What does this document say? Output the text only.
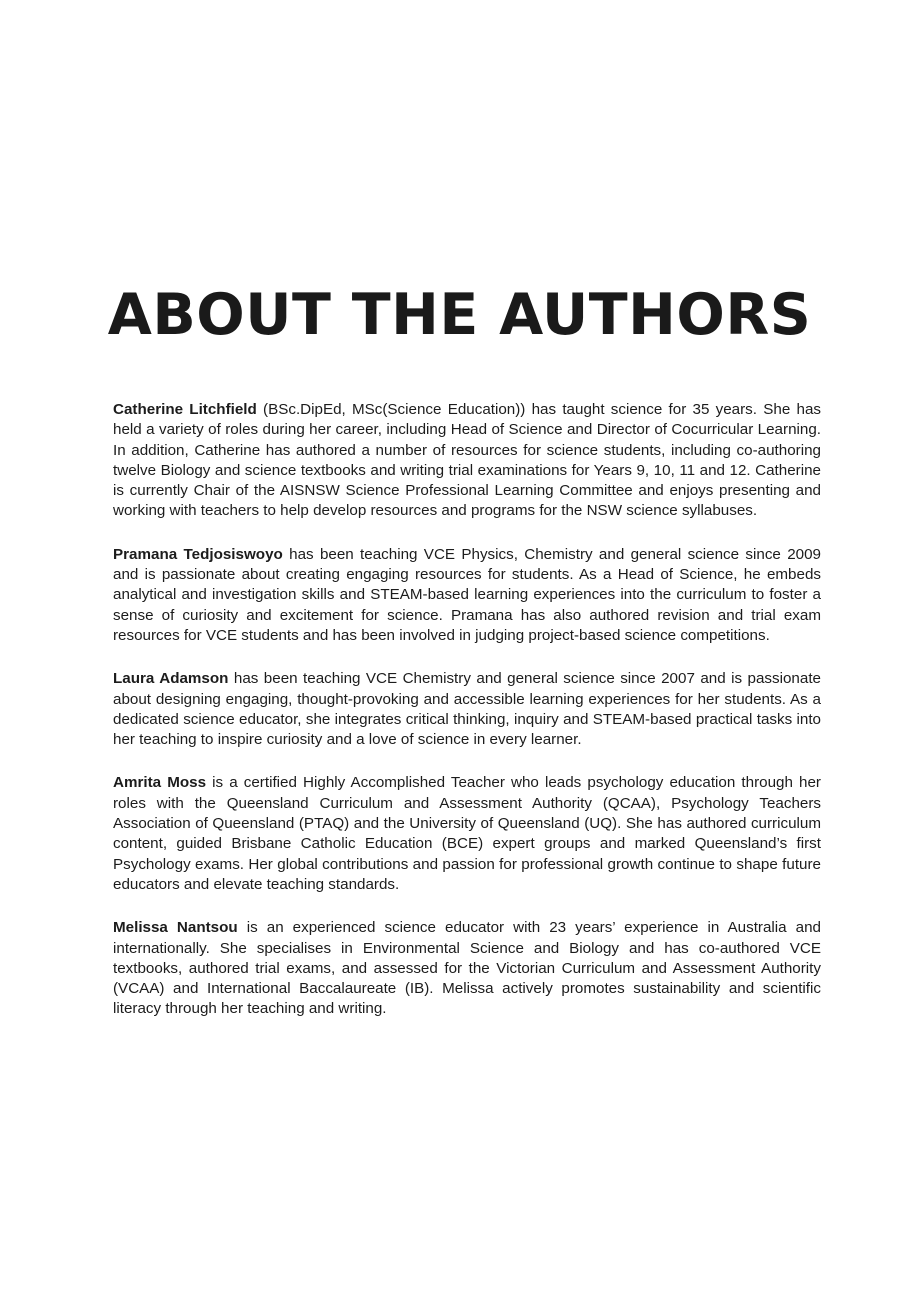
ABOUT THE AUTHORS

Catherine Litchfield (BSc.DipEd, MSc(Science Education)) has taught science for 35 years. She has held a variety of roles during her career, including Head of Science and Director of Cocurricular Learning. In addition, Catherine has authored a number of resources for science students, including co-authoring twelve Biology and science textbooks and writing trial examinations for Years 9, 10, 11 and 12. Catherine is currently Chair of the AISNSW Science Professional Learning Committee and enjoys presenting and working with teachers to help develop resources and programs for the NSW science syllabuses.

Pramana Tedjosiswoyo has been teaching VCE Physics, Chemistry and general science since 2009 and is passionate about creating engaging resources for students. As a Head of Science, he embeds analytical and investigation skills and STEAM-based learning experiences into the curriculum to foster a sense of curiosity and excitement for science. Pramana has also authored revision and trial exam resources for VCE students and has been involved in judging project-based science competitions.

Laura Adamson has been teaching VCE Chemistry and general science since 2007 and is passionate about designing engaging, thought-provoking and accessible learning experiences for her students. As a dedicated science educator, she integrates critical thinking, inquiry and STEAM-based practical tasks into her teaching to inspire curiosity and a love of science in every learner.

Amrita Moss is a certified Highly Accomplished Teacher who leads psychology education through her roles with the Queensland Curriculum and Assessment Authority (QCAA), Psychology Teachers Association of Queensland (PTAQ) and the University of Queensland (UQ). She has authored curriculum content, guided Brisbane Catholic Education (BCE) expert groups and marked Queensland’s first Psychology exams. Her global contributions and passion for professional growth continue to shape future educators and elevate teaching standards.

Melissa Nantsou is an experienced science educator with 23 years’ experience in Australia and internationally. She specialises in Environmental Science and Biology and has co-authored VCE textbooks, authored trial exams, and assessed for the Victorian Curriculum and Assessment Authority (VCAA) and International Baccalaureate (IB). Melissa actively promotes sustainability and scientific literacy through her teaching and writing.
